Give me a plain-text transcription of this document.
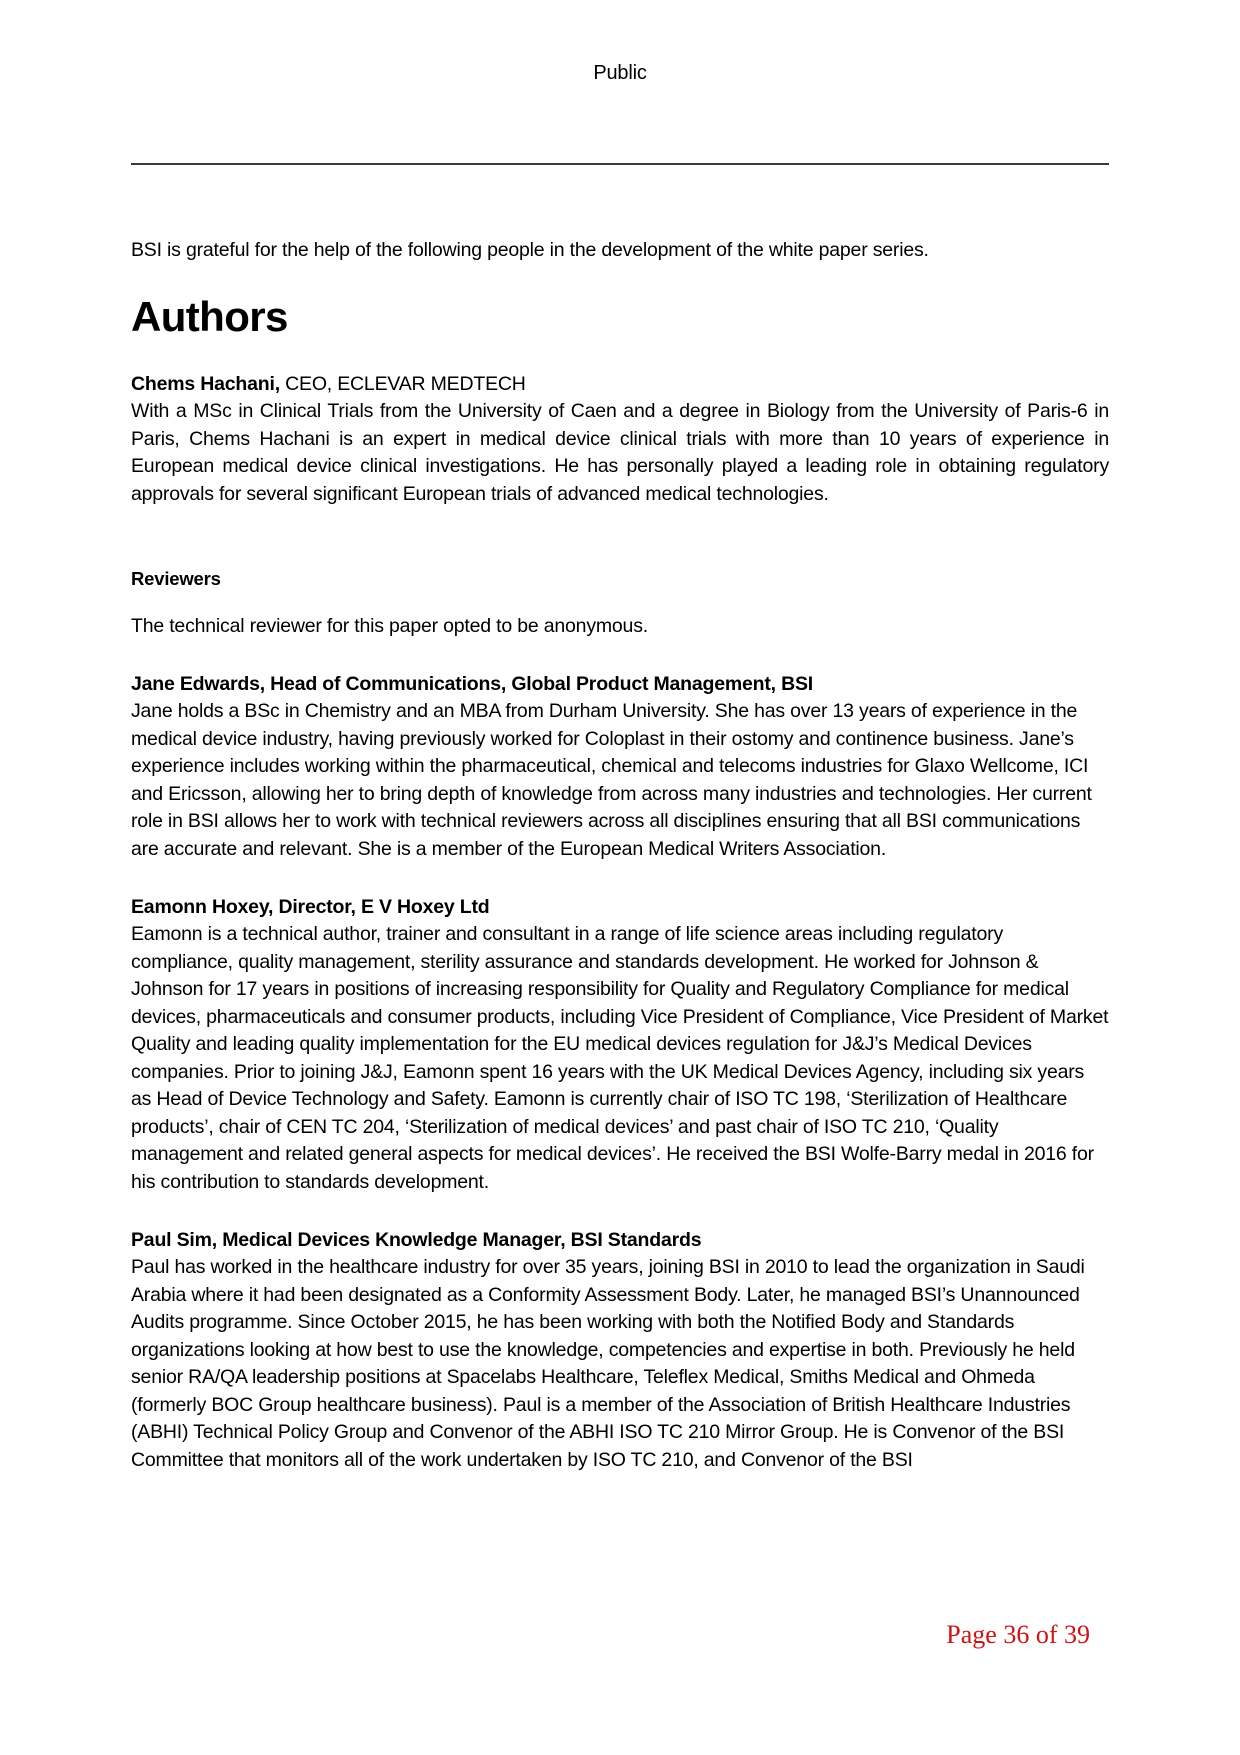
Public

BSI is grateful for the help of the following people in the development of the white paper series.

Authors

Chems Hachani, CEO, ECLEVAR MEDTECH

With a MSc in Clinical Trials from the University of Caen and a degree in Biology from the University of Paris-6 in Paris, Chems Hachani is an expert in medical device clinical trials with more than 10 years of experience in European medical device clinical investigations. He has personally played a leading role in obtaining regulatory approvals for several significant European trials of advanced medical technologies.

Reviewers

The technical reviewer for this paper opted to be anonymous.

Jane Edwards, Head of Communications, Global Product Management, BSI

Jane holds a BSc in Chemistry and an MBA from Durham University. She has over 13 years of experience in the medical device industry, having previously worked for Coloplast in their ostomy and continence business. Jane’s experience includes working within the pharmaceutical, chemical and telecoms industries for Glaxo Wellcome, ICI and Ericsson, allowing her to bring depth of knowledge from across many industries and technologies. Her current role in BSI allows her to work with technical reviewers across all disciplines ensuring that all BSI communications are accurate and relevant. She is a member of the European Medical Writers Association.

Eamonn Hoxey, Director, E V Hoxey Ltd

Eamonn is a technical author, trainer and consultant in a range of life science areas including regulatory compliance, quality management, sterility assurance and standards development. He worked for Johnson & Johnson for 17 years in positions of increasing responsibility for Quality and Regulatory Compliance for medical devices, pharmaceuticals and consumer products, including Vice President of Compliance, Vice President of Market Quality and leading quality implementation for the EU medical devices regulation for J&J’s Medical Devices companies. Prior to joining J&J, Eamonn spent 16 years with the UK Medical Devices Agency, including six years as Head of Device Technology and Safety. Eamonn is currently chair of ISO TC 198, ‘Sterilization of Healthcare products’, chair of CEN TC 204, ‘Sterilization of medical devices’ and past chair of ISO TC 210, ‘Quality management and related general aspects for medical devices’. He received the BSI Wolfe-Barry medal in 2016 for his contribution to standards development.

Paul Sim, Medical Devices Knowledge Manager, BSI Standards

Paul has worked in the healthcare industry for over 35 years, joining BSI in 2010 to lead the organization in Saudi Arabia where it had been designated as a Conformity Assessment Body. Later, he managed BSI’s Unannounced Audits programme. Since October 2015, he has been working with both the Notified Body and Standards organizations looking at how best to use the knowledge, competencies and expertise in both. Previously he held senior RA/QA leadership positions at Spacelabs Healthcare, Teleflex Medical, Smiths Medical and Ohmeda (formerly BOC Group healthcare business). Paul is a member of the Association of British Healthcare Industries (ABHI) Technical Policy Group and Convenor of the ABHI ISO TC 210 Mirror Group. He is Convenor of the BSI Committee that monitors all of the work undertaken by ISO TC 210, and Convenor of the BSI

Page 36 of 39
